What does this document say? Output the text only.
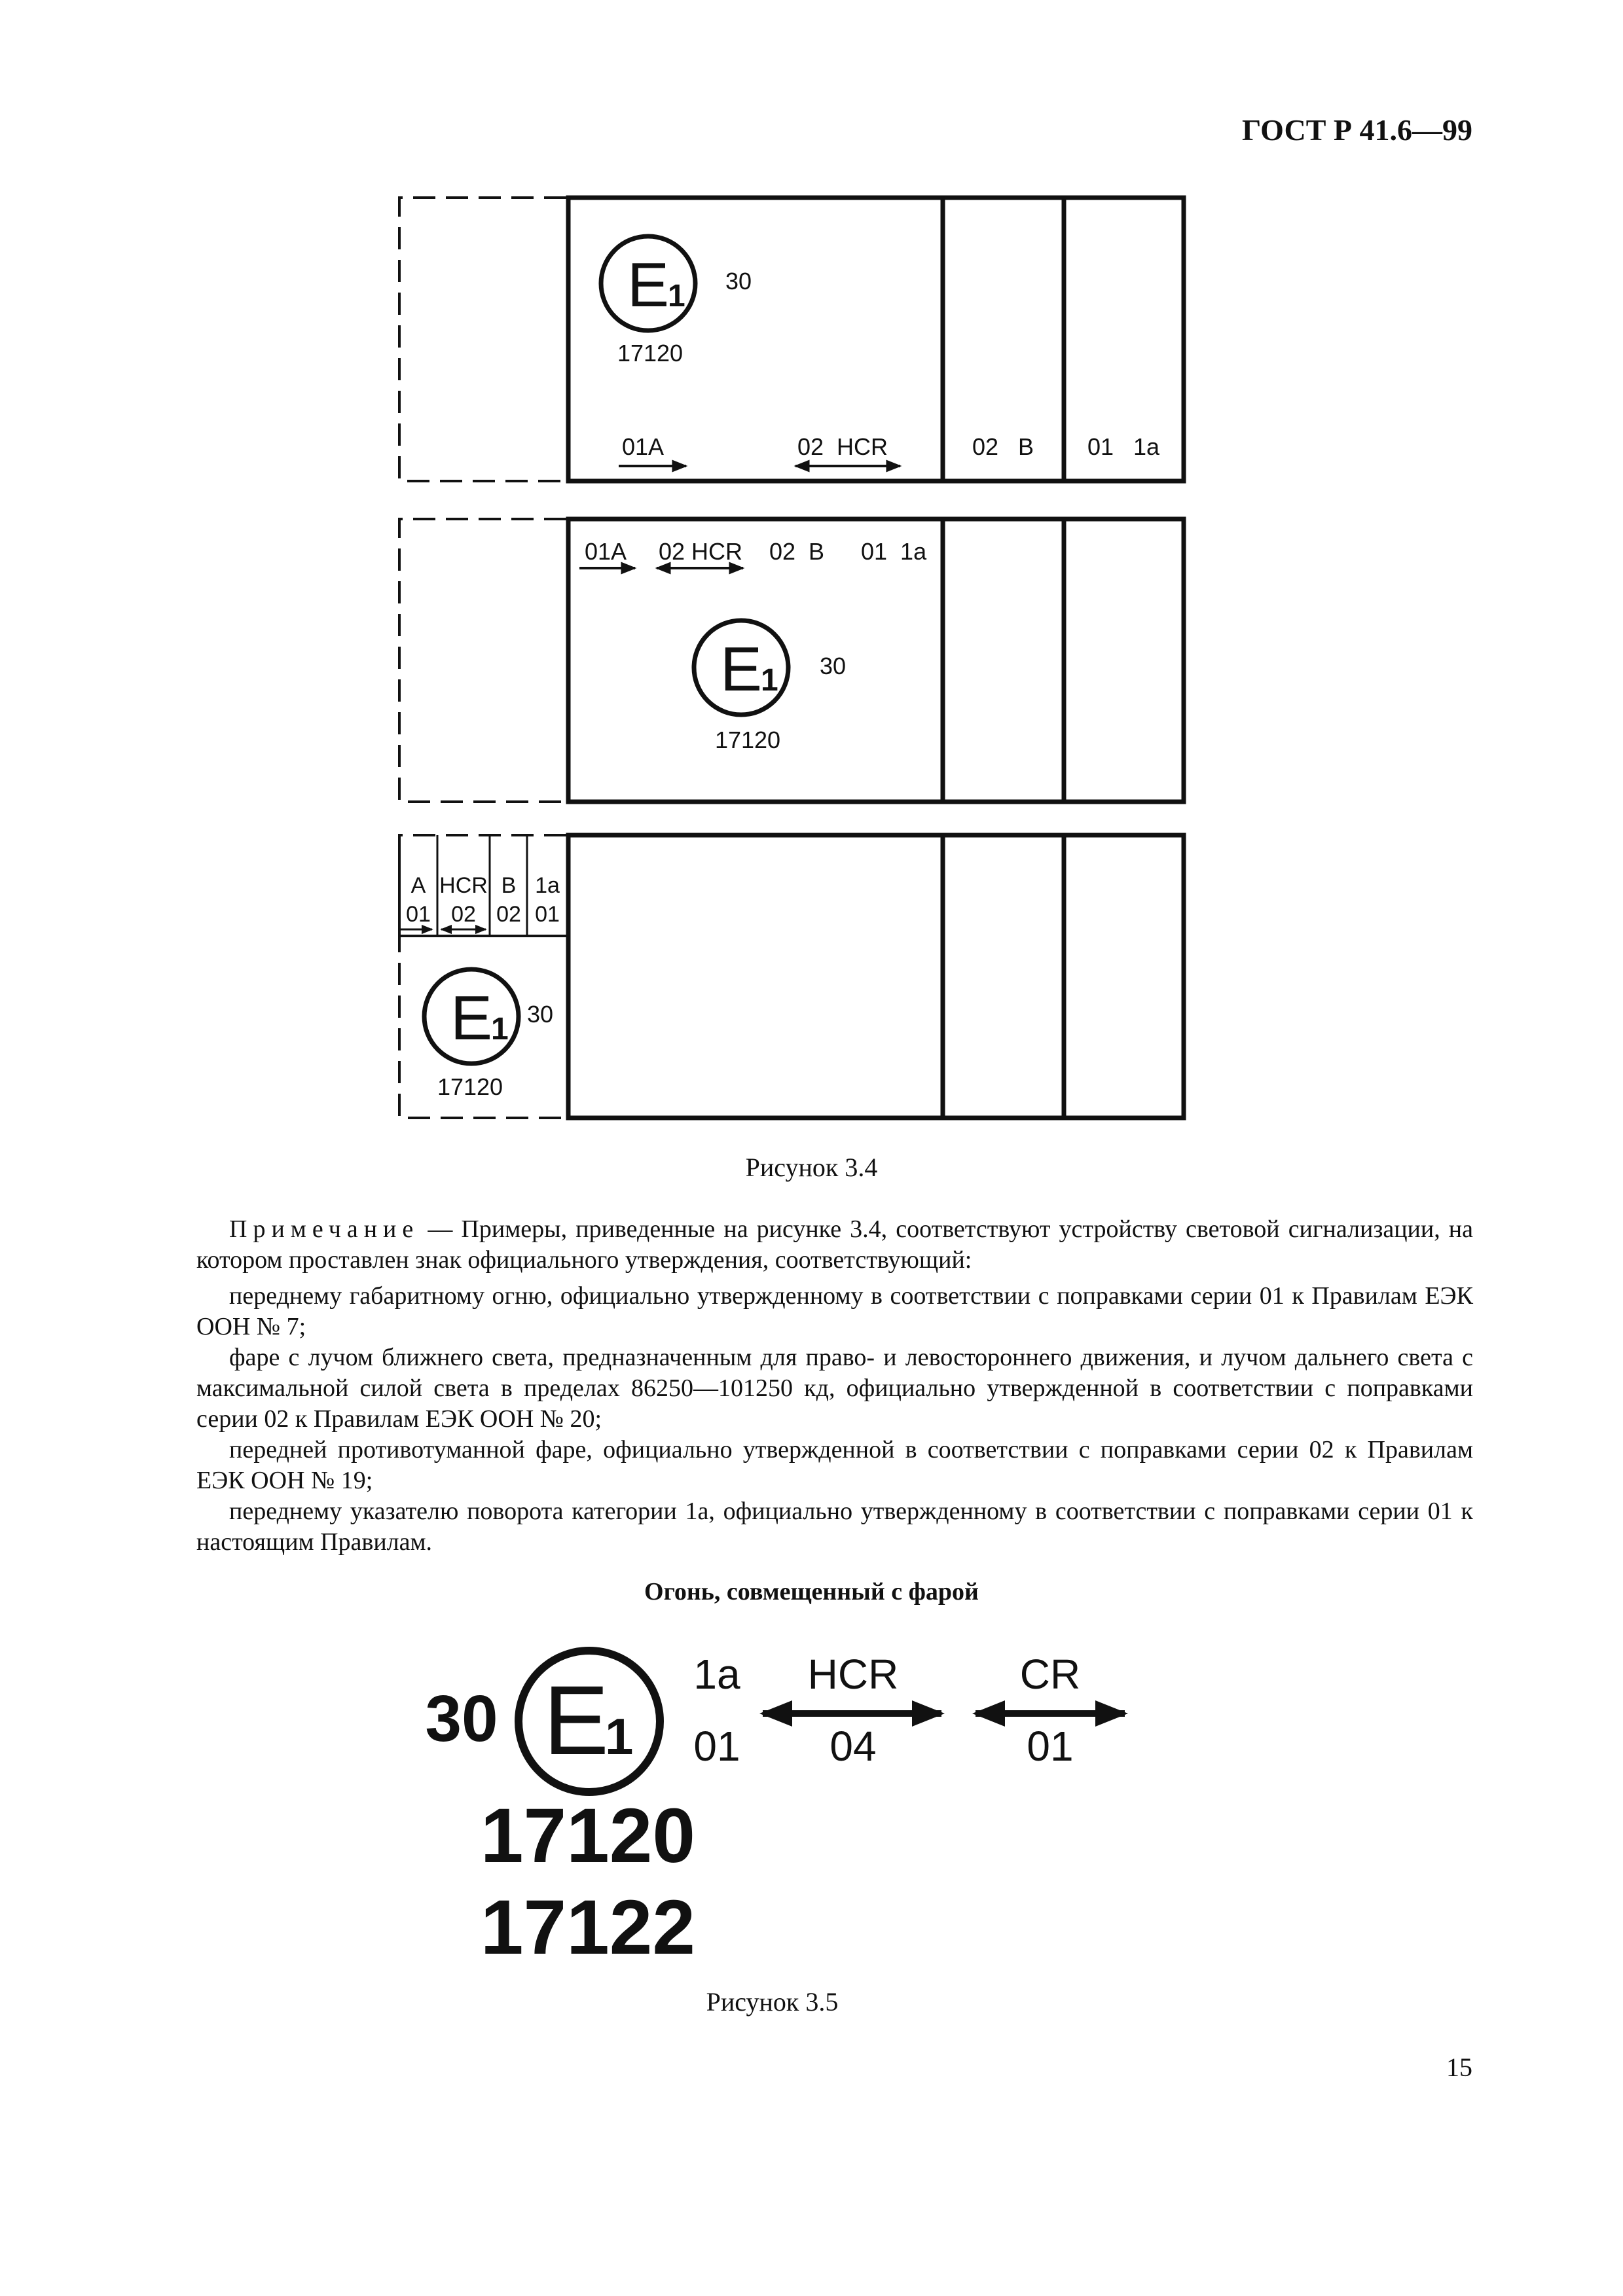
ГОСТ Р 41.6—99
E
1 30
17120
01A	02  HCR	02   B 01   1a
01A 02 HCR 02  B 01  1a
E
1 30
17120
A
01
HCR
02
B
02
1a
01
E
1 30
17120
Рисунок 3.4

Примечание — Примеры, приведенные на рисунке 3.4, соответствуют устройству световой сигнализации, на котором проставлен знак официального утверждения, соответствующий:

переднему габаритному огню, официально утвержденному в соответствии с поправками серии 01 к Правилам ЕЭК ООН № 7;

фаре с лучом ближнего света, предназначенным для право- и левостороннего движения, и лучом дальнего света с максимальной силой света в пределах 86250—101250 кд, официально утвержденной в соответствии с поправками серии 02 к Правилам ЕЭК ООН № 20;

передней противотуманной фаре, официально утвержденной в соответствии с поправками серии 02 к Правилам ЕЭК ООН № 19;

переднему указателю поворота категории 1a, официально утвержденному в соответствии с поправками серии 01 к настоящим Правилам.

Огонь, совмещенный с фарой
30 E
1
1a
01
HCR
04
CR
01
17120
17122
Рисунок 3.5
15
